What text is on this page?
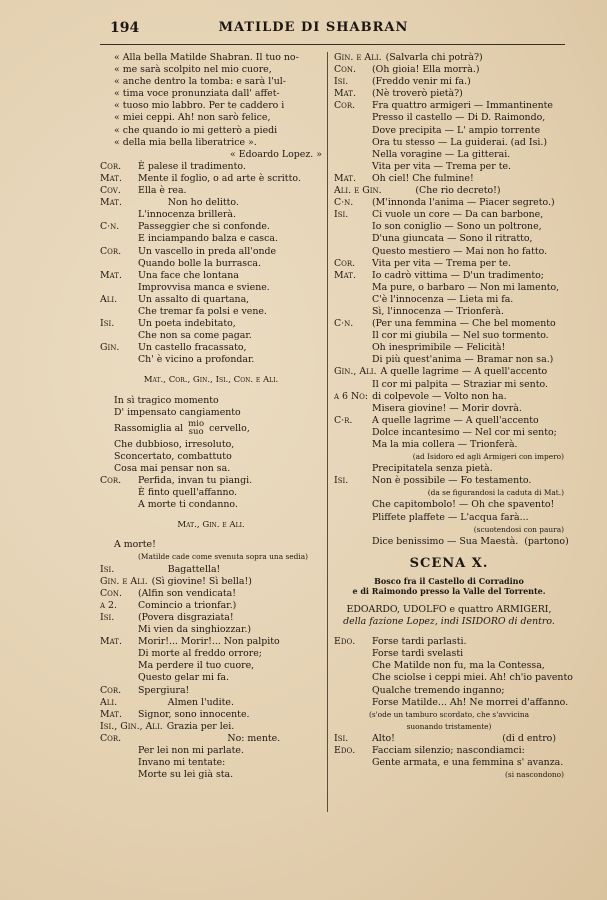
194	MATILDE DI SHABRAN
« Alla bella Matilde Shabran. Il tuo no-
« me sarà scolpito nel mio cuore,
« anche dentro la tomba: e sarà l'ul-
« tima voce pronunziata dall' affet-
« tuoso mio labbro. Per te caddero i
« miei ceppi. Ah! non sarò felice,
« che quando io mi getterò a piedi
« della mia bella liberatrice ».
« Edoardo Lopez. »
Cor. È palese il tradimento.
Mat. Mente il foglio, o ad arte è scritto.
Cov. Ella è rea.
Mat.          Non ho delitto.
L'innocenza brillerà.
C·n. Passeggier che si confonde.
E inciampando balza e casca.
Cor. Un vascello in preda all'onde
Quando bolle la burrasca.
Mat. Una face che lontana
Improvvisa manca e sviene.
Ali. Un assalto di quartana,
Che tremar fa polsi e vene.
Isi.	Un poeta indebitato,
Che non sa come pagar.
Gin. Un castello fracassato,
Ch' è vicino a profondar.
Mat., Cor., Gin., Isi., Con. e Ali.
In sì tragico momento
D' impensato cangiamento
Rassomiglia al mio
suo cervello,
Che dubbioso, irresoluto,
Sconcertato, combattuto
Cosa mai pensar non sa.
Cor. Perfida, invan tu piangi.
È finto quell'affanno.
A morte ti condanno.
Mat., Gin. e Ali.
A morte!
(Matilde cade come svenuta sopra una sedia)
Isi.	Bagattella!
Gin. e Ali. (Sì giovine! Sì bella!)
Con. (Alfin son vendicata!
a 2. Comincio a trionfar.)
Isi.	(Povera disgraziata!
Mi vien da singhiozzar.)
Mat. Morir!... Morir!... Non palpito
Di morte al freddo orrore;
Ma perdere il tuo cuore,
Questo gelar mi fa.
Cor. Spergiura!
Ali.          Almen l'udite.
Mat. Signor, sono innocente.
Isi., Gin., Ali. Grazia per lei.
Cor.                              No: mente.
Per lei non mi parlate.
Invano mi tentate:
Morte su lei già sta.
Gin. e Ali. (Salvarla chi potrà?)
Con. (Oh gioia! Ella morrà.)
Isi.	(Freddo venir mi fa.)
Mat. (Nè troverò pietà?)
Cor. Fra quattro armigeri — Immantinente
Presso il castello — Di D. Raimondo,
Dove precipita — L' ampio torrente
Ora tu stesso — La guiderai. (ad Isi.)
Nella voragine — La gitterai.
Vita per vita — Trema per te.
Mat. Oh ciel! Che fulmine!
Ali. e Gin.          (Che rio decreto!)
C·n. (M'innonda l'anima — Piacer segreto.)
Isi.	Ci vuole un core — Da can barbone,
Io son coniglio — Sono un poltrone,
D'una giuncata — Sono il ritratto,
Questo mestiero — Mai non ho fatto.
Cor. Vita per vita — Trema per te.
Mat. Io cadrò vittima — D'un tradimento;
Ma pure, o barbaro — Non mi lamento,
C'è l'innocenza — Lieta mi fa.
Sì, l'innocenza — Trionferà.
C·n. (Per una femmina — Che bel momento
Il cor mi giubila — Nel suo tormento.
Oh inesprimibile — Felicità!
Di più quest'anima — Bramar non sa.)
Gin., Ali. A quelle lagrime — A quell'accento
Il cor mi palpita — Straziar mi sento.
a 6 No: di colpevole — Volto non ha.
Misera giovine! — Morir dovrà.
C·r. A quelle lagrime — A quell'accento
Dolce incantesimo — Nel cor mi sento;
Ma la mia collera — Trionferà.
(ad Isidoro ed agli Armigeri con impero)
Precipitatela senza pietà.
Isi.	Non è possibile — Fo testamento.
(da se figurandosi la caduta di Mat.)
Che capitombolo! — Oh che spavento!
Pliffete plaffete — L'acqua farà...
(scuotendosi con paura)
Dice benissimo — Sua Maestà.  (partono)
SCENA X.
Bosco fra il Castello di Corradino
e di Raimondo presso la Valle del Torrente.
EDOARDO, UDOLFO e quattro ARMIGERI,
della fazione Lopez, indi ISIDORO di dentro.
Edo. Forse tardi parlasti.
Forse tardi svelasti
Che Matilde non fu, ma la Contessa,
Che sciolse i ceppi miei. Ah! ch'io pavento
Qualche tremendo inganno;
Forse Matilde... Ah! Ne morrei d'affanno.
(s'ode un tamburo scordato, che s'avvicina
suonando tristamente)
Isi.	Alto!                                    (di d entro)
Edo. Facciam silenzio; nascondiamci:
Gente armata, e una femmina s' avanza.
(si nascondono)
